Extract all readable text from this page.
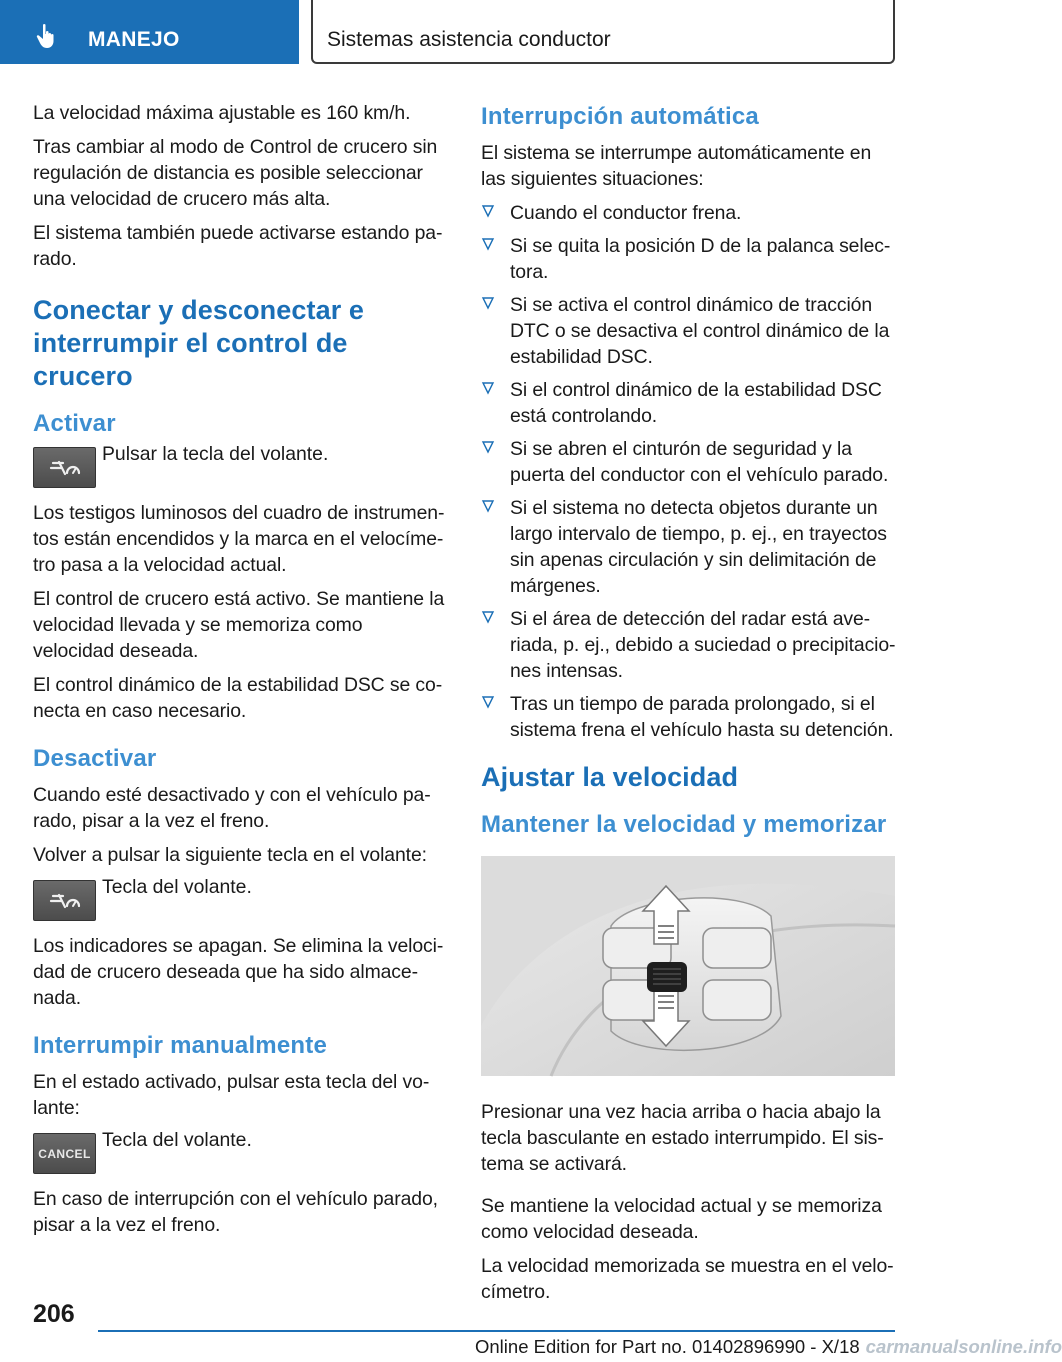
MANEJO	Sistemas asistencia conductor

La velocidad máxima ajustable es 160 km/h.

Tras cambiar al modo de Control de crucero sin regulación de distancia es posible seleccionar una velocidad de crucero más alta.

El sistema también puede activarse estando pa-rado.

Conectar y desconectar e interrumpir el control de crucero
Activar
Pulsar la tecla del volante.

Los testigos luminosos del cuadro de instrumen-tos están encendidos y la marca en el velocíme-tro pasa a la velocidad actual.

El control de crucero está activo. Se mantiene la velocidad llevada y se memoriza como velocidad deseada.

El control dinámico de la estabilidad DSC se co-necta en caso necesario.

Desactivar

Cuando esté desactivado y con el vehículo pa-rado, pisar a la vez el freno.

Volver a pulsar la siguiente tecla en el volante:

Tecla del volante.

Los indicadores se apagan. Se elimina la veloci-dad de crucero deseada que ha sido almace-nada.

Interrumpir manualmente

En el estado activado, pulsar esta tecla del vo-lante:

CANCEL
Tecla del volante.

En caso de interrupción con el vehículo parado, pisar a la vez el freno.

Interrupción automática

El sistema se interrumpe automáticamente en las siguientes situaciones:

Cuando el conductor frena.
Si se quita la posición D de la palanca selec-tora.
Si se activa el control dinámico de tracción DTC o se desactiva el control dinámico de la estabilidad DSC.
Si el control dinámico de la estabilidad DSC está controlando.
Si se abren el cinturón de seguridad y la puerta del conductor con el vehículo parado.
Si el sistema no detecta objetos durante un largo intervalo de tiempo, p. ej., en trayectos sin apenas circulación y sin delimitación de márgenes.
Si el área de detección del radar está ave-riada, p. ej., debido a suciedad o precipitacio-nes intensas.
Tras un tiempo de parada prolongado, si el sistema frena el vehículo hasta su detención.
Ajustar la velocidad
Mantener la velocidad y memorizar

Presionar una vez hacia arriba o hacia abajo la tecla basculante en estado interrumpido. El sis-tema se activará.

Se mantiene la velocidad actual y se memoriza como velocidad deseada.

La velocidad memorizada se muestra en el velo-címetro.

206
Online Edition for Part no. 01402896990 - X/18 carmanualsonline.info
